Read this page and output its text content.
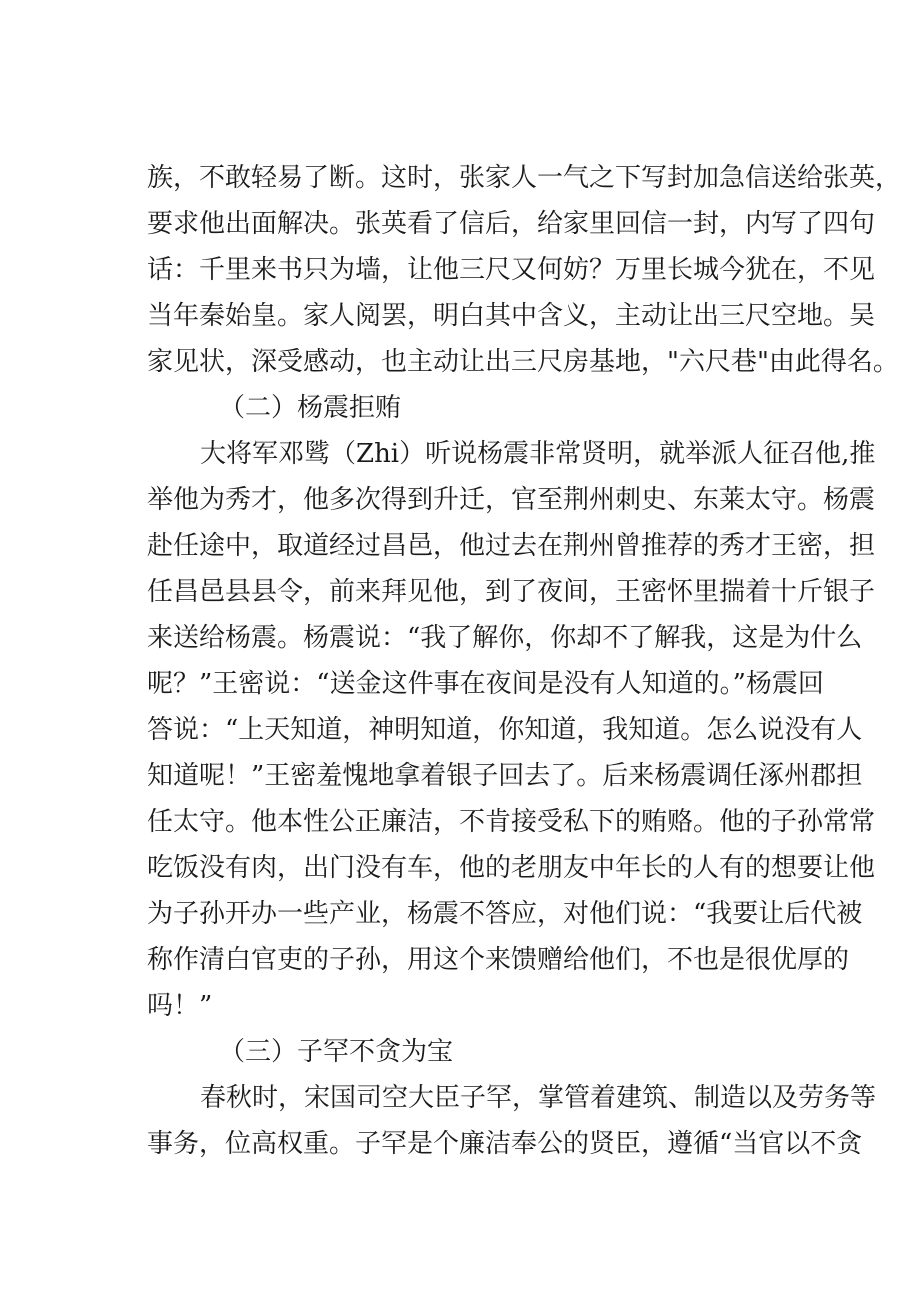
族，不敢轻易了断。这时，张家人一气之下写封加急信送给张英，
要求他出面解决。张英看了信后，给家里回信一封，内写了四句
话：千里来书只为墙，让他三尺又何妨？万里长城今犹在，不见
当年秦始皇。家人阅罢，明白其中含义，主动让出三尺空地。吴
家见状，深受感动，也主动让出三尺房基地，"六尺巷"由此得名。
（二）杨震拒贿
大将军邓骘（Zhi）听说杨震非常贤明，就举派人征召他,推
举他为秀才，他多次得到升迁，官至荆州刺史、东莱太守。杨震
赴任途中，取道经过昌邑，他过去在荆州曾推荐的秀才王密，担
任昌邑县县令，前来拜见他，到了夜间，王密怀里揣着十斤银子
来送给杨震。杨震说：“我了解你，你却不了解我，这是为什么
呢？”王密说：“送金这件事在夜间是没有人知道的。”杨震回
答说：“上天知道，神明知道，你知道，我知道。怎么说没有人
知道呢！”王密羞愧地拿着银子回去了。后来杨震调任涿州郡担
任太守。他本性公正廉洁，不肯接受私下的贿赂。他的子孙常常
吃饭没有肉，出门没有车，他的老朋友中年长的人有的想要让他
为子孙开办一些产业，杨震不答应，对他们说：“我要让后代被
称作清白官吏的子孙，用这个来馈赠给他们，不也是很优厚的
吗！”
（三）子罕不贪为宝
春秋时，宋国司空大臣子罕，掌管着建筑、制造以及劳务等
事务，位高权重。子罕是个廉洁奉公的贤臣，遵循“当官以不贪
